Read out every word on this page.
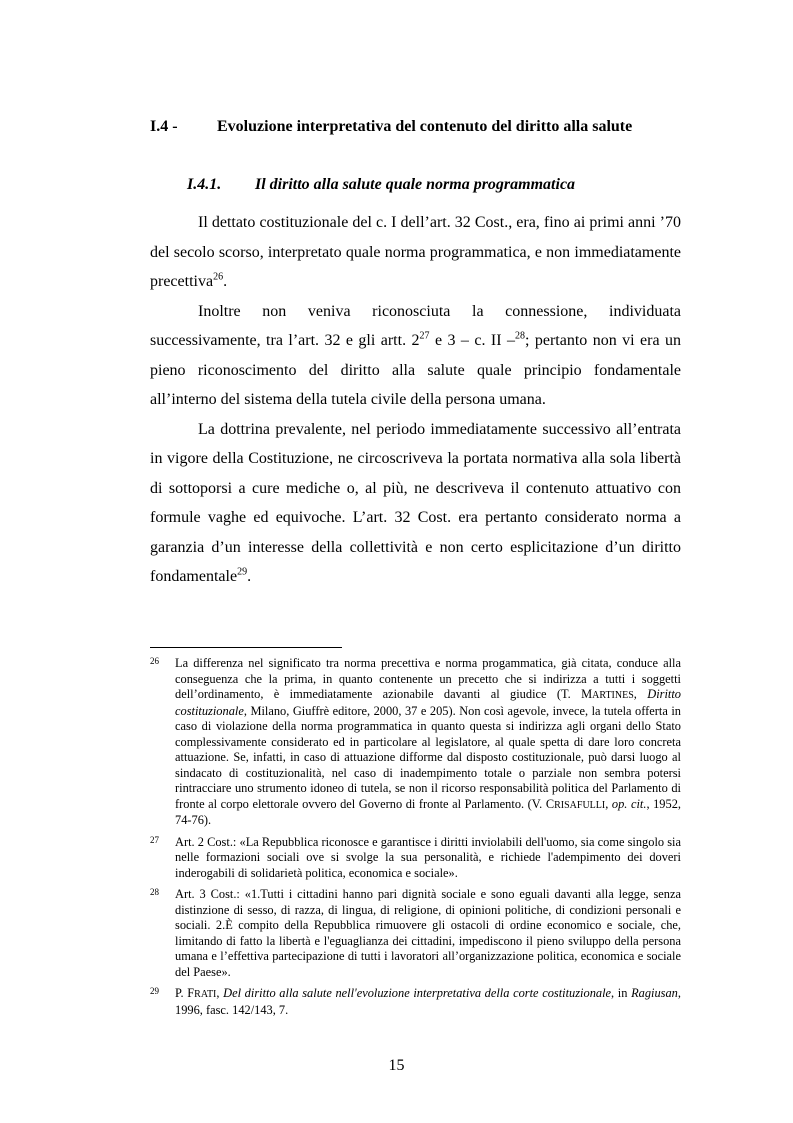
I.4 - Evoluzione interpretativa del contenuto del diritto alla salute
I.4.1. Il diritto alla salute quale norma programmatica

Il dettato costituzionale del c. I dell’art. 32 Cost., era, fino ai primi anni ’70 del secolo scorso, interpretato quale norma programmatica, e non immediatamente precettiva$^{26}$.

Inoltre non veniva riconosciuta la connessione, individuata successivamente, tra l’art. 32 e gli artt. $2^{27}$ e 3 – c. II –$^{28}$; pertanto non vi era un pieno riconoscimento del diritto alla salute quale principio fondamentale all’interno del sistema della tutela civile della persona umana.

La dottrina prevalente, nel periodo immediatamente successivo all’entrata in vigore della Costituzione, ne circoscriveva la portata normativa alla sola libertà di sottoporsi a cure mediche o, al più, ne descriveva il contenuto attuativo con formule vaghe ed equivoche. L’art. 32 Cost. era pertanto considerato norma a garanzia d’un interesse della collettività e non certo esplicitazione d’un diritto fondamentale$^{29}$.

26 La differenza nel significato tra norma precettiva e norma progammatica, già citata, conduce alla conseguenza che la prima, in quanto contenente un precetto che si indirizza a tutti i soggetti dell’ordinamento, è immediatamente azionabile davanti al giudice (T. MARTINES, Diritto costituzionale, Milano, Giuffrè editore, 2000, 37 e 205). Non così agevole, invece, la tutela offerta in caso di violazione della norma programmatica in quanto questa si indirizza agli organi dello Stato complessivamente considerato ed in particolare al legislatore, al quale spetta di dare loro concreta attuazione. Se, infatti, in caso di attuazione difforme dal disposto costituzionale, può darsi luogo al sindacato di costituzionalità, nel caso di inadempimento totale o parziale non sembra potersi rintracciare uno strumento idoneo di tutela, se non il ricorso responsabilità politica del Parlamento di fronte al corpo elettorale ovvero del Governo di fronte al Parlamento. (V. CRISAFULLI, op. cit., 1952, 74-76).
27 Art. 2 Cost.: «La Repubblica riconosce e garantisce i diritti inviolabili dell'uomo, sia come singolo sia nelle formazioni sociali ove si svolge la sua personalità, e richiede l'adempimento dei doveri inderogabili di solidarietà politica, economica e sociale».
28 Art. 3 Cost.: «1.Tutti i cittadini hanno pari dignità sociale e sono eguali davanti alla legge, senza distinzione di sesso, di razza, di lingua, di religione, di opinioni politiche, di condizioni personali e sociali. 2.È compito della Repubblica rimuovere gli ostacoli di ordine economico e sociale, che, limitando di fatto la libertà e l'eguaglianza dei cittadini, impediscono il pieno sviluppo della persona umana e l’effettiva partecipazione di tutti i lavoratori all’organizzazione politica, economica e sociale del Paese».
29 P. FRATI, Del diritto alla salute nell'evoluzione interpretativa della corte costituzionale, in Ragiusan, 1996, fasc. 142/143, 7.
15
